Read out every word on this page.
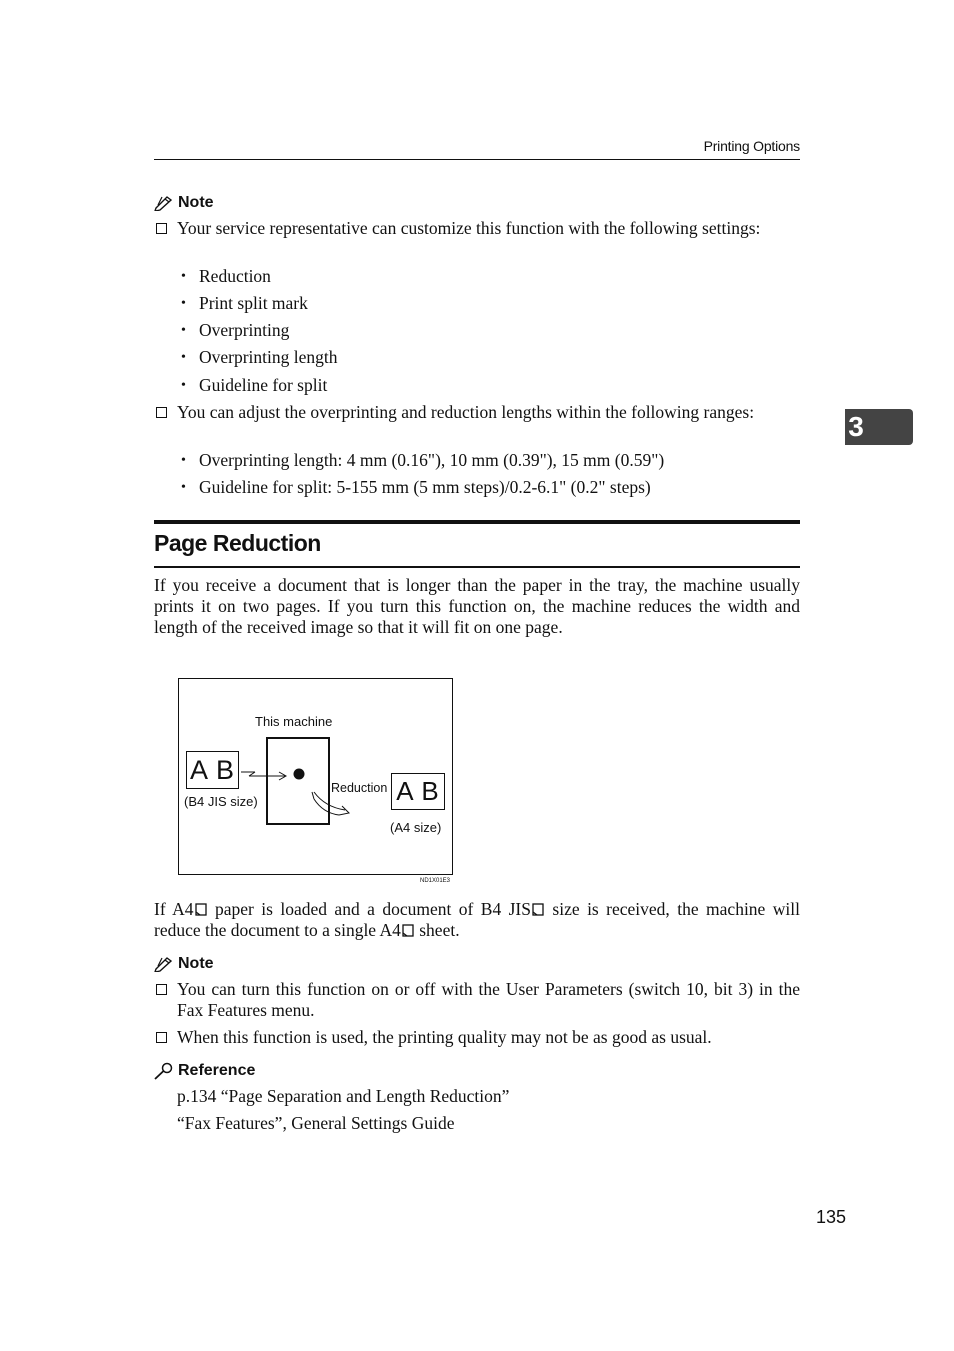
Printing Options
3
Note
Your service representative can customize this function with the following settings:
• Reduction
• Print split mark
• Overprinting
• Overprinting length
• Guideline for split
You can adjust the overprinting and reduction lengths within the following ranges:
• Overprinting length: 4 mm (0.16"), 10 mm (0.39"), 15 mm (0.59")
• Guideline for split: 5-155 mm (5 mm steps)/0.2-6.1" (0.2" steps)
Page Reduction
If you receive a document that is longer than the paper in the tray, the machine usually prints it on two pages. If you turn this function on, the machine reduces the width and length of the received image so that it will fit on one page.
This machine
A B
(B4 JIS size)
Reduction A B
(A4 size)
ND1X01E3
If A4 paper is loaded and a document of B4 JIS size is received, the machine will reduce the document to a single A4 sheet.
Note
You can turn this function on or off with the User Parameters (switch 10, bit 3) in the Fax Features menu.
When this function is used, the printing quality may not be as good as usual.
Reference
p.134 “Page Separation and Length Reduction”
“Fax Features”, General Settings Guide
135
